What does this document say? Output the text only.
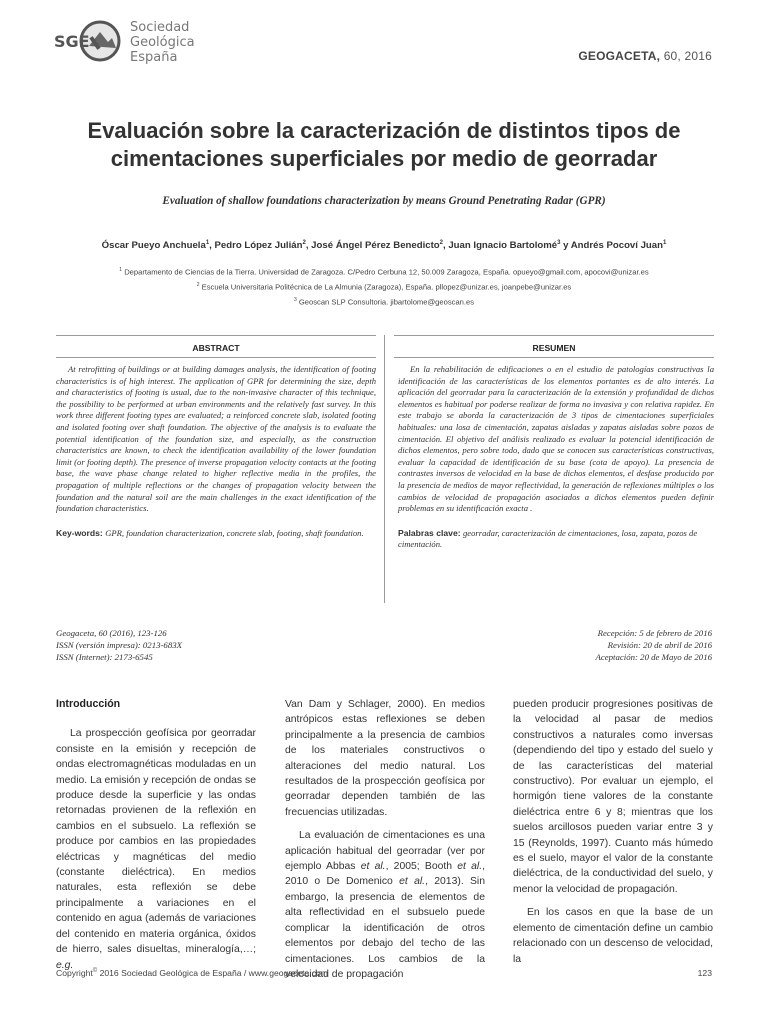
SGE
Sociedad
Geológica
España	GEOGACETA, 60, 2016
Evaluación sobre la caracterización de distintos tipos de
cimentaciones superficiales por medio de georradar
Evaluation of shallow foundations characterization by means Ground Penetrating Radar (GPR)
Óscar Pueyo Anchuela$^1$, Pedro López Julián$^2$, José Ángel Pérez Benedicto$^2$, Juan Ignacio Bartolomé$^3$ y Andrés Pocoví Juan$^1$
$^1$ Departamento de Ciencias de la Tierra. Universidad de Zaragoza. C/Pedro Cerbuna 12, 50.009 Zaragoza, España. opueyo@gmail.com, apocovi@unizar.es
$^2$ Escuela Universitaria Politécnica de La Almunia (Zaragoza), España. pllopez@unizar.es, joanpebe@unizar.es
$^3$ Geoscan SLP Consultoria. jibartolome@geoscan.es
ABSTRACT

At retrofitting of buildings or at building damages analysis, the identification of footing characteristics is of high interest. The application of GPR for determining the size, depth and characteristics of footing is usual, due to the non-invasive character of this technique, the possibility to be performed at urban environments and the relatively fast survey. In this work three different footing types are evaluated; a reinforced concrete slab, isolated footing and isolated footing over shaft foundation. The objective of the analysis is to evaluate the potential identification of the foundation size, and especially, as the construction characteristics are known, to check the identification availability of the lower foundation limit (or footing depth). The presence of inverse propagation velocity contacts at the footing base, the wave phase change related to higher reflective media in the profiles, the propagation of multiple reflections or the changes of propagation velocity between the foundation and the natural soil are the main challenges in the exact identification of the foundation characteristics.

Key-words: GPR, foundation characterization, concrete slab, footing, shaft foundation.

RESUMEN

En la rehabilitación de edificaciones o en el estudio de patologías constructivas la identificación de las características de los elementos portantes es de alto interés. La aplicación del georradar para la caracterización de la extensión y profundidad de dichos elementos es habitual por poderse realizar de forma no invasiva y con relativa rapidez. En este trabajo se aborda la caracterización de 3 tipos de cimentaciones superficiales habituales: una losa de cimentación, zapatas aisladas y zapatas aisladas sobre pozos de cimentación. El objetivo del análisis realizado es evaluar la potencial identificación de dichos elementos, pero sobre todo, dado que se conocen sus características constructivas, evaluar la capacidad de identificación de su base (cota de apoyo). La presencia de contrastes inversos de velocidad en la base de dichos elementos, el desfase producido por la presencia de medios de mayor reflectividad, la generación de reflexiones múltiples o los cambios de velocidad de propagación asociados a dichos elementos pueden definir problemas en su identificación exacta .

Palabras clave: georradar, caracterización de cimentaciones, losa, zapata, pozos de cimentación.

Geogaceta, 60 (2016), 123-126
ISSN (versión impresa): 0213-683X
ISSN (Internet): 2173-6545
Recepción: 5 de febrero de 2016
Revisión: 20 de abril de 2016
Aceptación: 20 de Mayo de 2016
Introducción

La prospección geofísica por georradar consiste en la emisión y recepción de ondas electromagnéticas moduladas en un medio. La emisión y recepción de ondas se produce desde la superficie y las ondas retornadas provienen de la reflexión en cambios en el subsuelo. La reflexión se produce por cambios en las propiedades eléctricas y magnéticas del medio (constante dieléctrica). En medios naturales, esta reflexión se debe principalmente a variaciones en el contenido en agua (además de variaciones del contenido en materia orgánica, óxidos de hierro, sales disueltas, mineralogía,…; e.g.

Van Dam y Schlager, 2000). En medios antrópicos estas reflexiones se deben principalmente a la presencia de cambios de los materiales constructivos o alteraciones del medio natural. Los resultados de la prospección geofísica por georradar dependen también de las frecuencias utilizadas.

La evaluación de cimentaciones es una aplicación habitual del georradar (ver por ejemplo Abbas et al., 2005; Booth et al., 2010 o De Domenico et al., 2013). Sin embargo, la presencia de elementos de alta reflectividad en el subsuelo puede complicar la identificación de otros elementos por debajo del techo de las cimentaciones. Los cambios de la velocidad de propagación

pueden producir progresiones positivas de la velocidad al pasar de medios constructivos a naturales como inversas (dependiendo del tipo y estado del suelo y de las características del material constructivo). Por evaluar un ejemplo, el hormigón tiene valores de la constante dieléctrica entre 6 y 8; mientras que los suelos arcillosos pueden variar entre 3 y 15 (Reynolds, 1997). Cuanto más húmedo es el suelo, mayor el valor de la constante dieléctrica, de la conductividad del suelo, y menor la velocidad de propagación.

En los casos en que la base de un elemento de cimentación define un cambio relacionado con un descenso de velocidad, la

Copyright© 2016 Sociedad Geológica de España / www.geogaceta.com	123
